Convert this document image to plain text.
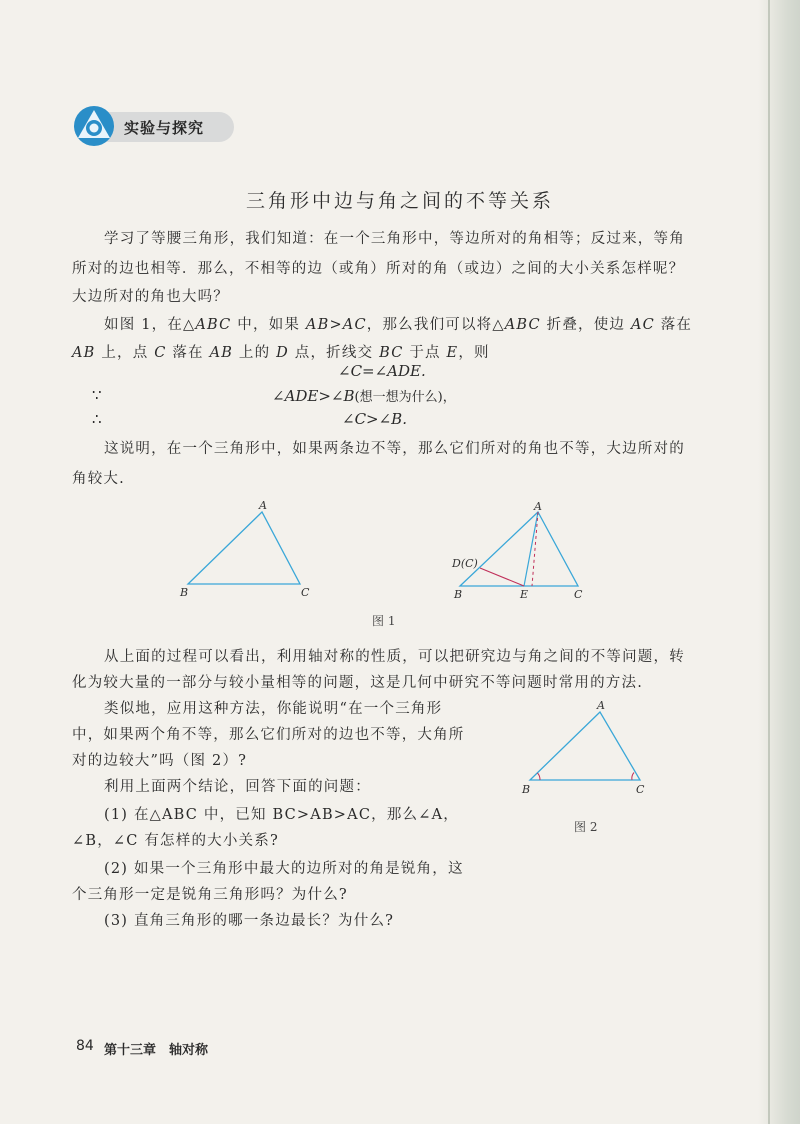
实验与探究
三角形中边与角之间的不等关系
学习了等腰三角形，我们知道：在一个三角形中，等边所对的角相等；反过来，等角
所对的边也相等．那么，不相等的边（或角）所对的角（或边）之间的大小关系怎样呢？
大边所对的角也大吗？
如图 1，在△ABC 中，如果 AB>AC，那么我们可以将△ABC 折叠，使边 AC 落在
AB 上，点 C 落在 AB 上的 D 点，折线交 BC 于点 E，则
∠C=∠ADE.
∵	∠ADE>∠B(想一想为什么)，
∴	∠C>∠B.
这说明，在一个三角形中，如果两条边不等，那么它们所对的角也不等，大边所对的
角较大.
A
B	C
A
D(C)
B	E	C
图 1
从上面的过程可以看出，利用轴对称的性质，可以把研究边与角之间的不等问题，转
化为较大量的一部分与较小量相等的问题，这是几何中研究不等问题时常用的方法.
类似地，应用这种方法，你能说明“在一个三角形
中，如果两个角不等，那么它们所对的边也不等，大角所
对的边较大”吗（图 2）?
利用上面两个结论，回答下面的问题：
(1) 在△ABC 中，已知 BC>AB>AC，那么∠A，
∠B，∠C 有怎样的大小关系?
(2) 如果一个三角形中最大的边所对的角是锐角，这
个三角形一定是锐角三角形吗？为什么?
(3) 直角三角形的哪一条边最长？为什么?
A
B	C
图 2
84 第十三章　轴对称
